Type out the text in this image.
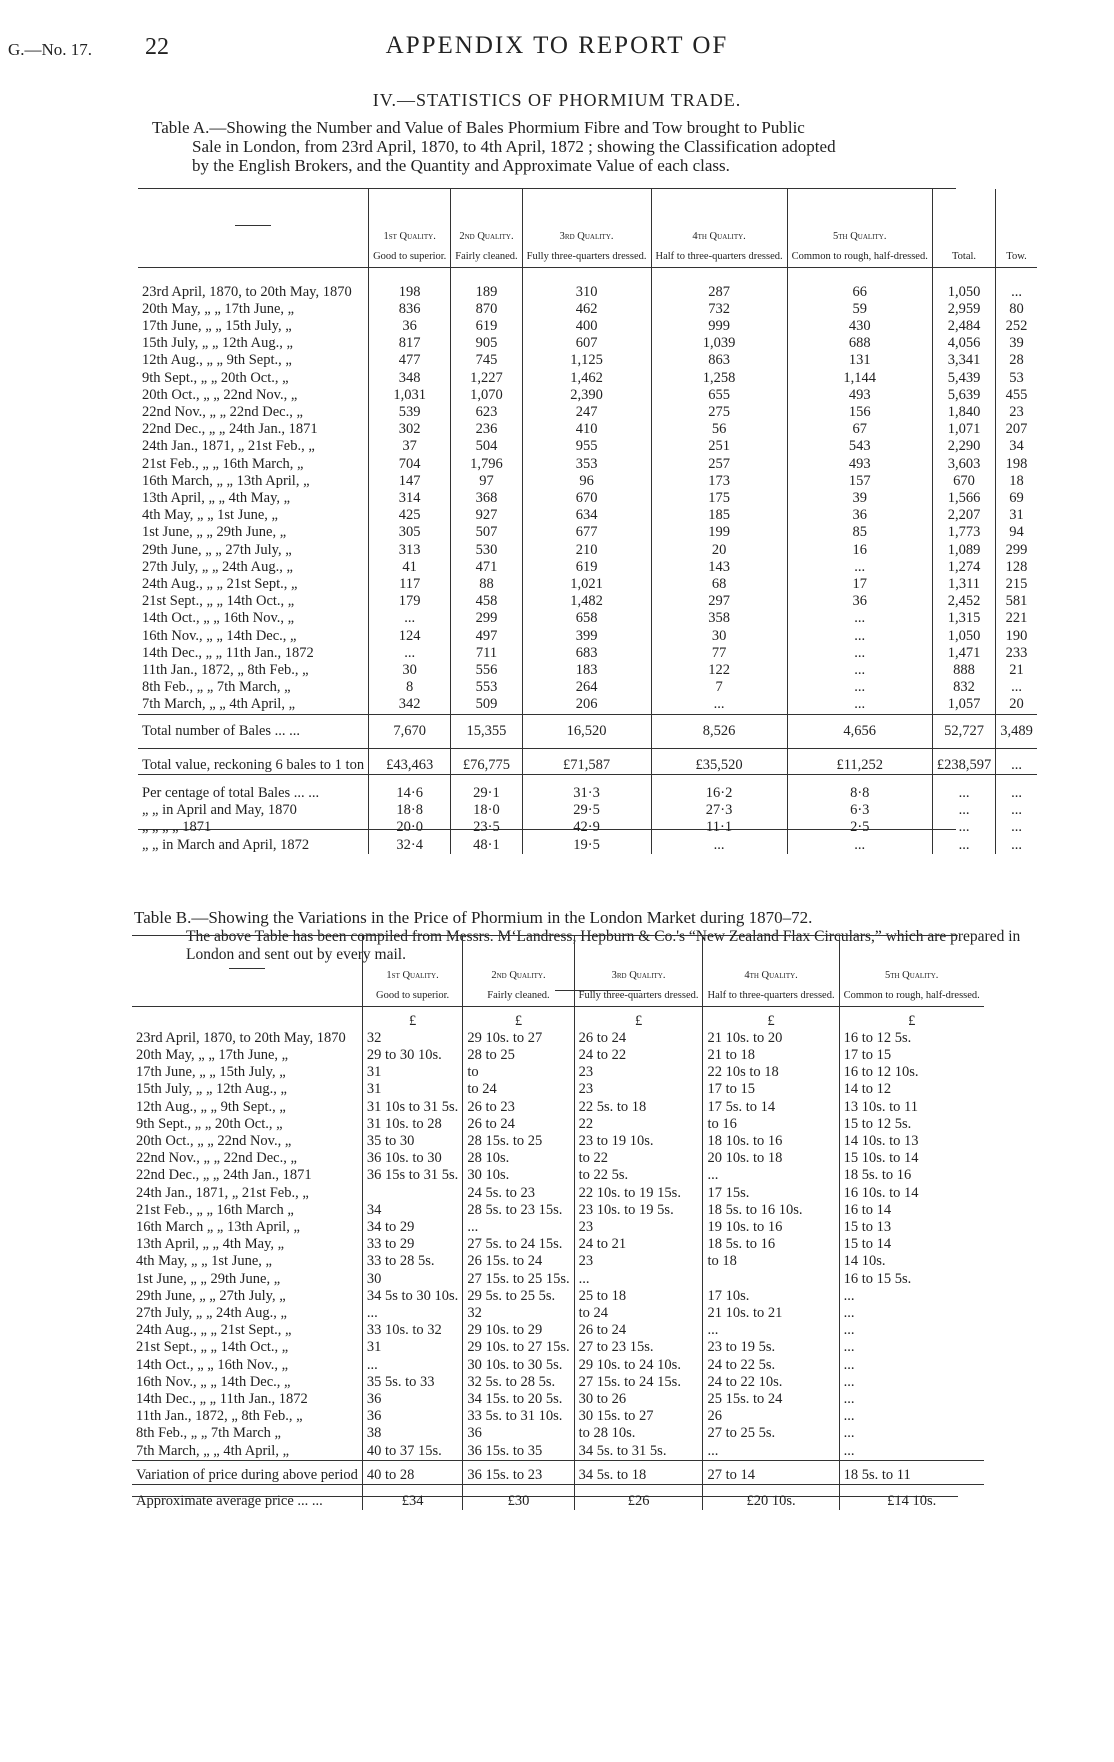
G.—No. 17. 22	APPENDIX TO REPORT OF
IV.—STATISTICS OF PHORMIUM TRADE.
Table A.—Showing the Number and Value of Bales Phormium Fibre and Tow brought to Public
Sale in London, from 23rd April, 1870, to 4th April, 1872 ; showing the Classification adopted
by the English Brokers, and the Quantity and Approximate Value of each class.

	1st Quality.
Good to superior.	2nd Quality.
Fairly cleaned.	3rd Quality.
Fully three-quarters dressed.	4th Quality.
Half to three-quarters dressed.	5th Quality.
Common to rough, half-dressed.	Total.	Tow.
23rd April, 1870, to 20th May, 1870	198	189	310	287	66	1,050	...
20th May, „ „ 17th June, „	836	870	462	732	59	2,959	80
17th June, „ „ 15th July, „	36	619	400	999	430	2,484	252
15th July, „ „ 12th Aug., „	817	905	607	1,039	688	4,056	39
12th Aug., „ „ 9th Sept., „	477	745	1,125	863	131	3,341	28
9th Sept., „ „ 20th Oct., „	348	1,227	1,462	1,258	1,144	5,439	53
20th Oct., „ „ 22nd Nov., „	1,031	1,070	2,390	655	493	5,639	455
22nd Nov., „ „ 22nd Dec., „	539	623	247	275	156	1,840	23
22nd Dec., „ „ 24th Jan., 1871	302	236	410	56	67	1,071	207
24th Jan., 1871, „ 21st Feb., „	37	504	955	251	543	2,290	34
21st Feb., „ „ 16th March, „	704	1,796	353	257	493	3,603	198
16th March, „ „ 13th April, „	147	97	96	173	157	670	18
13th April, „ „ 4th May, „	314	368	670	175	39	1,566	69
4th May, „ „ 1st June, „	425	927	634	185	36	2,207	31
1st June, „ „ 29th June, „	305	507	677	199	85	1,773	94
29th June, „ „ 27th July, „	313	530	210	20	16	1,089	299
27th July, „ „ 24th Aug., „	41	471	619	143	...	1,274	128
24th Aug., „ „ 21st Sept., „	117	88	1,021	68	17	1,311	215
21st Sept., „ „ 14th Oct., „	179	458	1,482	297	36	2,452	581
14th Oct., „ „ 16th Nov., „	...	299	658	358	...	1,315	221
16th Nov., „ „ 14th Dec., „	124	497	399	30	...	1,050	190
14th Dec., „ „ 11th Jan., 1872	...	711	683	77	...	1,471	233
11th Jan., 1872, „ 8th Feb., „	30	556	183	122	...	888	21
8th Feb., „ „ 7th March, „	8	553	264	7	...	832	...
7th March, „ „ 4th April, „	342	509	206	...	...	1,057	20
Total number of Bales ... ...	7,670	15,355	16,520	8,526	4,656	52,727	3,489
Total value, reckoning 6 bales to 1 ton	£43,463	£76,775	£71,587	£35,520	£11,252	£238,597	...
Per centage of total Bales ... ...	14·6	29·1	31·3	16·2	8·8	...	...
„ „ in April and May, 1870	18·8	18·0	29·5	27·3	6·3	...	...
„ „ „ „ 1871	20·0	23·5	42·9	11·1	2·5	...	...
„ „ in March and April, 1872	32·4	48·1	19·5	...	...	...	...
The above Table has been compiled from Messrs. M‘Landress, Hepburn & Co.'s “New Zealand Flax Circulars,” which are prepared in London and sent out by every mail.
Table B.—Showing the Variations in the Price of Phormium in the London Market during 1870–72.

	1st Quality.
Good to superior.	2nd Quality.
Fairly cleaned.	3rd Quality.
Fully three-quarters dressed.	4th Quality.
Half to three-quarters dressed.	5th Quality.
Common to rough, half-dressed.
	£	£	£	£	£
23rd April, 1870, to 20th May, 1870	32	29 10s. to 27	26 to 24	21 10s. to 20	16 to 12 5s.
20th May, „ „ 17th June, „	29 to 30 10s.	28 to 25	24 to 22	21 to 18	17 to 15
17th June, „ „ 15th July, „	31	to	23	22 10s to 18	16 to 12 10s.
15th July, „ „ 12th Aug., „	31	to 24	23	17 to 15	14 to 12
12th Aug., „ „ 9th Sept., „	31 10s to 31 5s.	26 to 23	22 5s. to 18	17 5s. to 14	13 10s. to 11
9th Sept., „ „ 20th Oct., „	31 10s. to 28	26 to 24	22	to 16	15 to 12 5s.
20th Oct., „ „ 22nd Nov., „	35 to 30	28 15s. to 25	23 to 19 10s.	18 10s. to 16	14 10s. to 13
22nd Nov., „ „ 22nd Dec., „	36 10s. to 30	28 10s.	to 22	20 10s. to 18	15 10s. to 14
22nd Dec., „ „ 24th Jan., 1871	36 15s to 31 5s.	30 10s.	to 22 5s.	...	18 5s. to 16
24th Jan., 1871, „ 21st Feb., „		24 5s. to 23	22 10s. to 19 15s.	17 15s.	16 10s. to 14
21st Feb., „ „ 16th March „	34	28 5s. to 23 15s.	23 10s. to 19 5s.	18 5s. to 16 10s.	16 to 14
16th March „ „ 13th April, „	34 to 29	...	23	19 10s. to 16	15 to 13
13th April, „ „ 4th May, „	33 to 29	27 5s. to 24 15s.	24 to 21	18 5s. to 16	15 to 14
4th May, „ „ 1st June, „	33 to 28 5s.	26 15s. to 24	23	to 18	14 10s.
1st June, „ „ 29th June, „	30	27 15s. to 25 15s.	...		16 to 15 5s.
29th June, „ „ 27th July, „	34 5s to 30 10s.	29 5s. to 25 5s.	25 to 18	17 10s.	...
27th July, „ „ 24th Aug., „	...	32	to 24	21 10s. to 21	...
24th Aug., „ „ 21st Sept., „	33 10s. to 32	29 10s. to 29	26 to 24	...	...
21st Sept., „ „ 14th Oct., „	31	29 10s. to 27 15s.	27 to 23 15s.	23 to 19 5s.	...
14th Oct., „ „ 16th Nov., „	...	30 10s. to 30 5s.	29 10s. to 24 10s.	24 to 22 5s.	...
16th Nov., „ „ 14th Dec., „	35 5s. to 33	32 5s. to 28 5s.	27 15s. to 24 15s.	24 to 22 10s.	...
14th Dec., „ „ 11th Jan., 1872	36	34 15s. to 20 5s.	30 to 26	25 15s. to 24	...
11th Jan., 1872, „ 8th Feb., „	36	33 5s. to 31 10s.	30 15s. to 27	26	...
8th Feb., „ „ 7th March „	38	36	to 28 10s.	27 to 25 5s.	...
7th March, „ „ 4th April, „	40 to 37 15s.	36 15s. to 35	34 5s. to 31 5s.	...	...
Variation of price during above period	40 to 28	36 15s. to 23	34 5s. to 18	27 to 14	18 5s. to 11
Approximate average price ... ...	£34	£30	£26	£20 10s.	£14 10s.
